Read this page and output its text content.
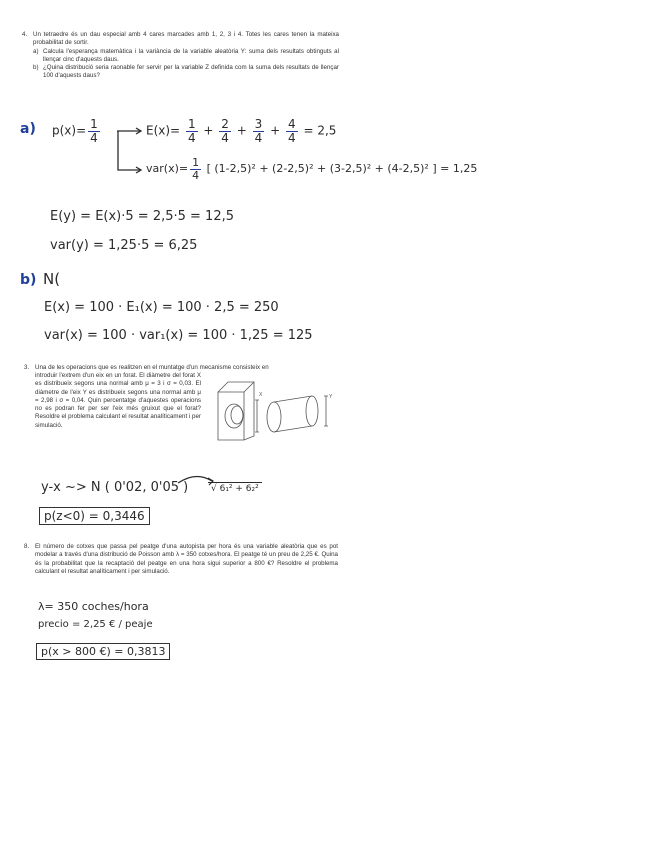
4. Un tetraedre és un dau especial amb 4 cares marcades amb 1, 2, 3 i 4. Totes les cares tenen la mateixa probabilitat de sortir.
a) Calcula l'esperança matemàtica i la variància de la variable aleatòria Y: suma dels resultats obtinguts al llençar cinc d'aquests daus.
b) ¿Quina distribució seria raonable fer servir per la variable Z definida com la suma dels resultats de llençar 100 d'aquests daus?
a) $p(x)= \frac{1}{4}$	$E(x)= \frac{1}{4} + \frac{2}{4} + \frac{3}{4} + \frac{4}{4} = 2,5$
$var(x)= \frac{1}{4}$ [ (1-2,5)² + (2-2,5)² + (3-2,5)² + (4-2,5)² ] = 1,25
E(y) = E(x)·5 = 2,5·5 = 12,5
var(y) = 1,25·5 = 6,25
b) N(
E(x) = 100 · E₁(x) = 100 · 2,5 = 250
var(x) = 100 · var₁(x) = 100 · 1,25 = 125
3. Una de les operacions que es realitzen en el muntatge d'un mecanisme consisteix en
introduir l'extrem d'un eix en un forat. El diàmetre del forat X es distribueix segons una normal amb μ = 3 i σ = 0,03. El diàmetre de l'eix Y es distribueix segons una normal amb μ = 2,98 i σ = 0,04. Quin percentatge d'aquestes operacions no es podran fer per ser l'eix més gruixut que el forat? Resoldre el problema calculant el resultat analíticament i per simulació.
X	Y
y-x ~> N ( 0'02, 0'05 )	√ 6₁² + 6₂²
p(z<0) = 0,3446
8. El número de cotxes que passa pel peatge d'una autopista per hora és una variable aleatòria que es pot modelar a través d'una distribució de Poisson amb λ = 350 cotxes/hora. El peatge té un preu de 2,25 €. Quina és la probabilitat que la recaptació del peatge en una hora sigui superior a 800 €? Resoldre el problema calculant el resultat analíticament i per simulació.
λ= 350 coches/hora
precio = 2,25 € / peaje
p(x > 800 €) = 0,3813
